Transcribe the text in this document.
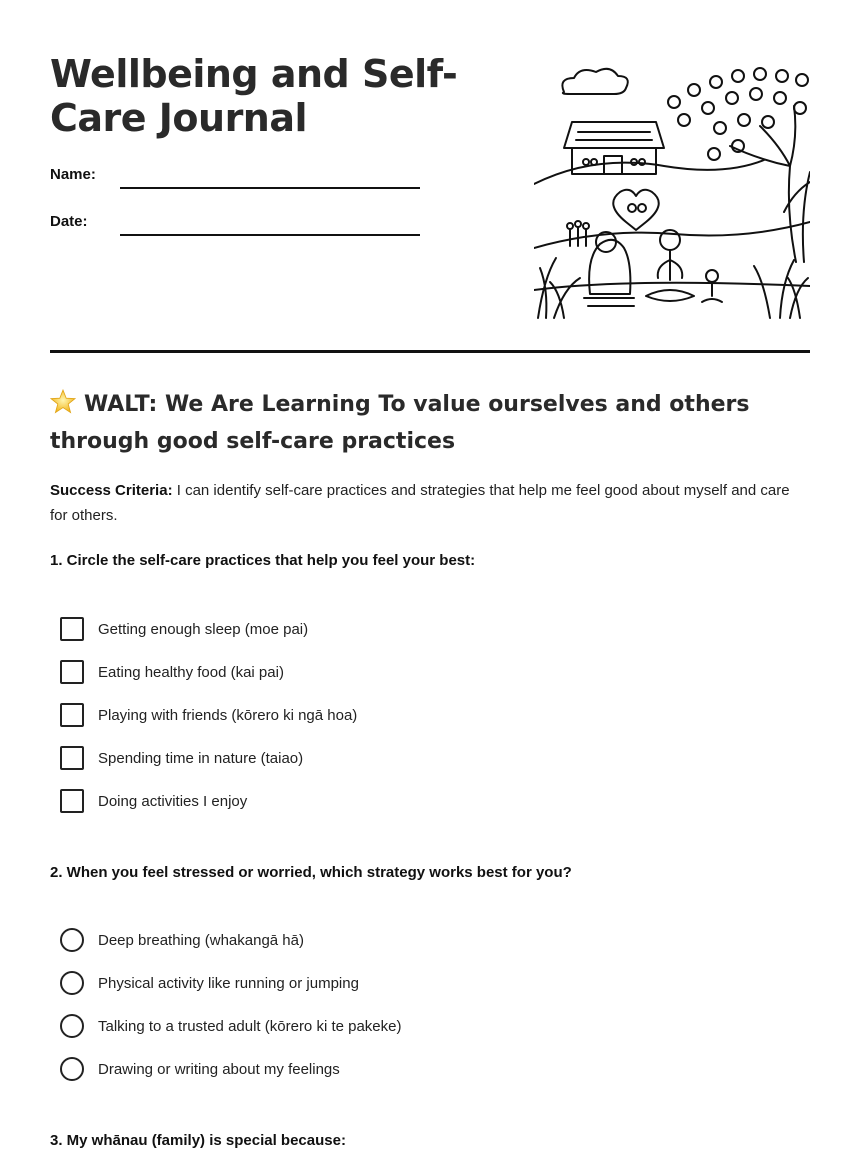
Wellbeing and Self-Care Journal
Name:
Date:
WALT: We Are Learning To value ourselves and others through good self-care practices
Success Criteria: I can identify self-care practices and strategies that help me feel good about myself and care for others.
1. Circle the self-care practices that help you feel your best:
Getting enough sleep (moe pai)
Eating healthy food (kai pai)
Playing with friends (kōrero ki ngā hoa)
Spending time in nature (taiao)
Doing activities I enjoy
2. When you feel stressed or worried, which strategy works best for you?
Deep breathing (whakangā hā)
Physical activity like running or jumping
Talking to a trusted adult (kōrero ki te pakeke)
Drawing or writing about my feelings
3. My whānau (family) is special because:
